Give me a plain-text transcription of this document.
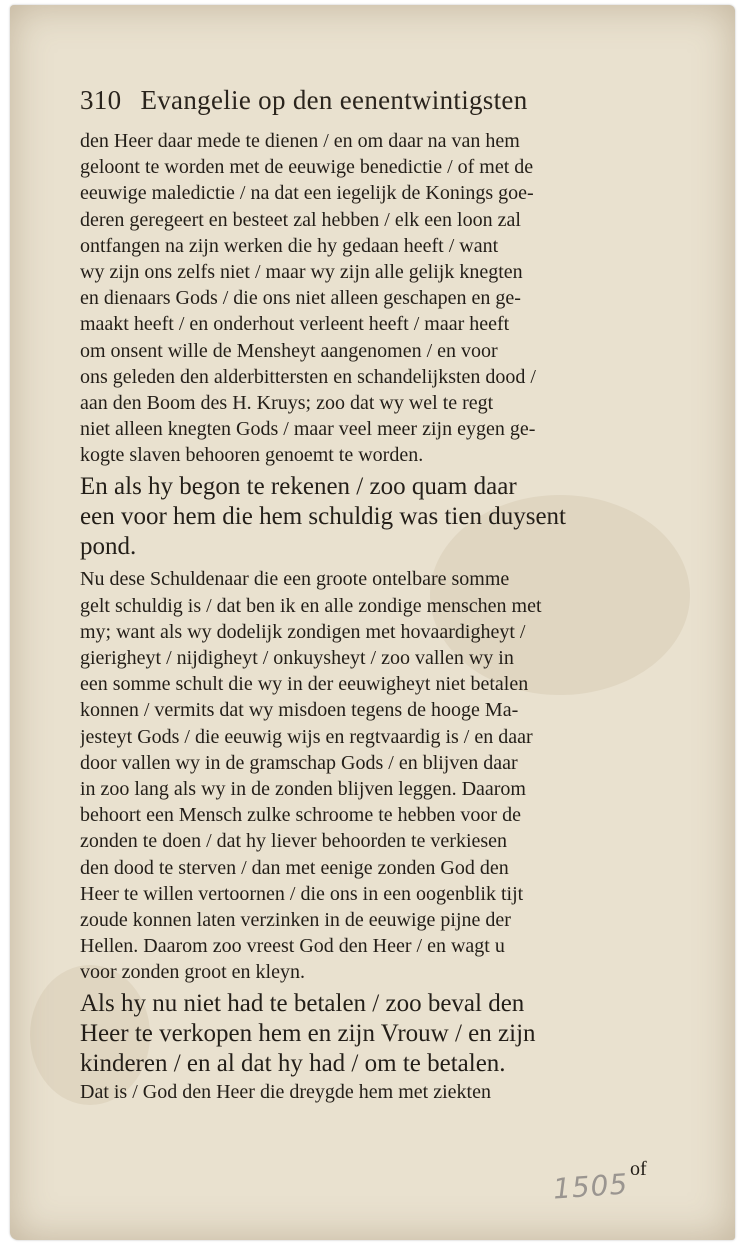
310 Evangelie op den eenentwintigsten
den Heer daar mede te dienen / en om daar na van hem
geloont te worden met de eeuwige benedictie / of met de
eeuwige maledictie / na dat een iegelijk de Konings goe-
deren geregeert en besteet zal hebben / elk een loon zal
ontfangen na zijn werken die hy gedaan heeft / want
wy zijn ons zelfs niet / maar wy zijn alle gelijk knegten
en dienaars Gods / die ons niet alleen geschapen en ge-
maakt heeft / en onderhout verleent heeft / maar heeft
om onsent wille de Mensheyt aangenomen / en voor
ons geleden den alderbittersten en schandelijksten dood /
aan den Boom des H. Kruys; zoo dat wy wel te regt
niet alleen knegten Gods / maar veel meer zijn eygen ge-
kogte slaven behooren genoemt te worden.
En als hy begon te rekenen / zoo quam daar
een voor hem die hem schuldig was tien duysent
pond.
Nu dese Schuldenaar die een groote ontelbare somme
gelt schuldig is / dat ben ik en alle zondige menschen met
my; want als wy dodelijk zondigen met hovaardigheyt /
gierigheyt / nijdigheyt / onkuysheyt / zoo vallen wy in
een somme schult die wy in der eeuwigheyt niet betalen
konnen / vermits dat wy misdoen tegens de hooge Ma-
jesteyt Gods / die eeuwig wijs en regtvaardig is / en daar
door vallen wy in de gramschap Gods / en blijven daar
in zoo lang als wy in de zonden blijven leggen. Daarom
behoort een Mensch zulke schroome te hebben voor de
zonden te doen / dat hy liever behoorden te verkiesen
den dood te sterven / dan met eenige zonden God den
Heer te willen vertoornen / die ons in een oogenblik tijt
zoude konnen laten verzinken in de eeuwige pijne der
Hellen. Daarom zoo vreest God den Heer / en wagt u
voor zonden groot en kleyn.
Als hy nu niet had te betalen / zoo beval den
Heer te verkopen hem en zijn Vrouw / en zijn
kinderen / en al dat hy had / om te betalen.
Dat is / God den Heer die dreygde hem met ziekten
of
1505
